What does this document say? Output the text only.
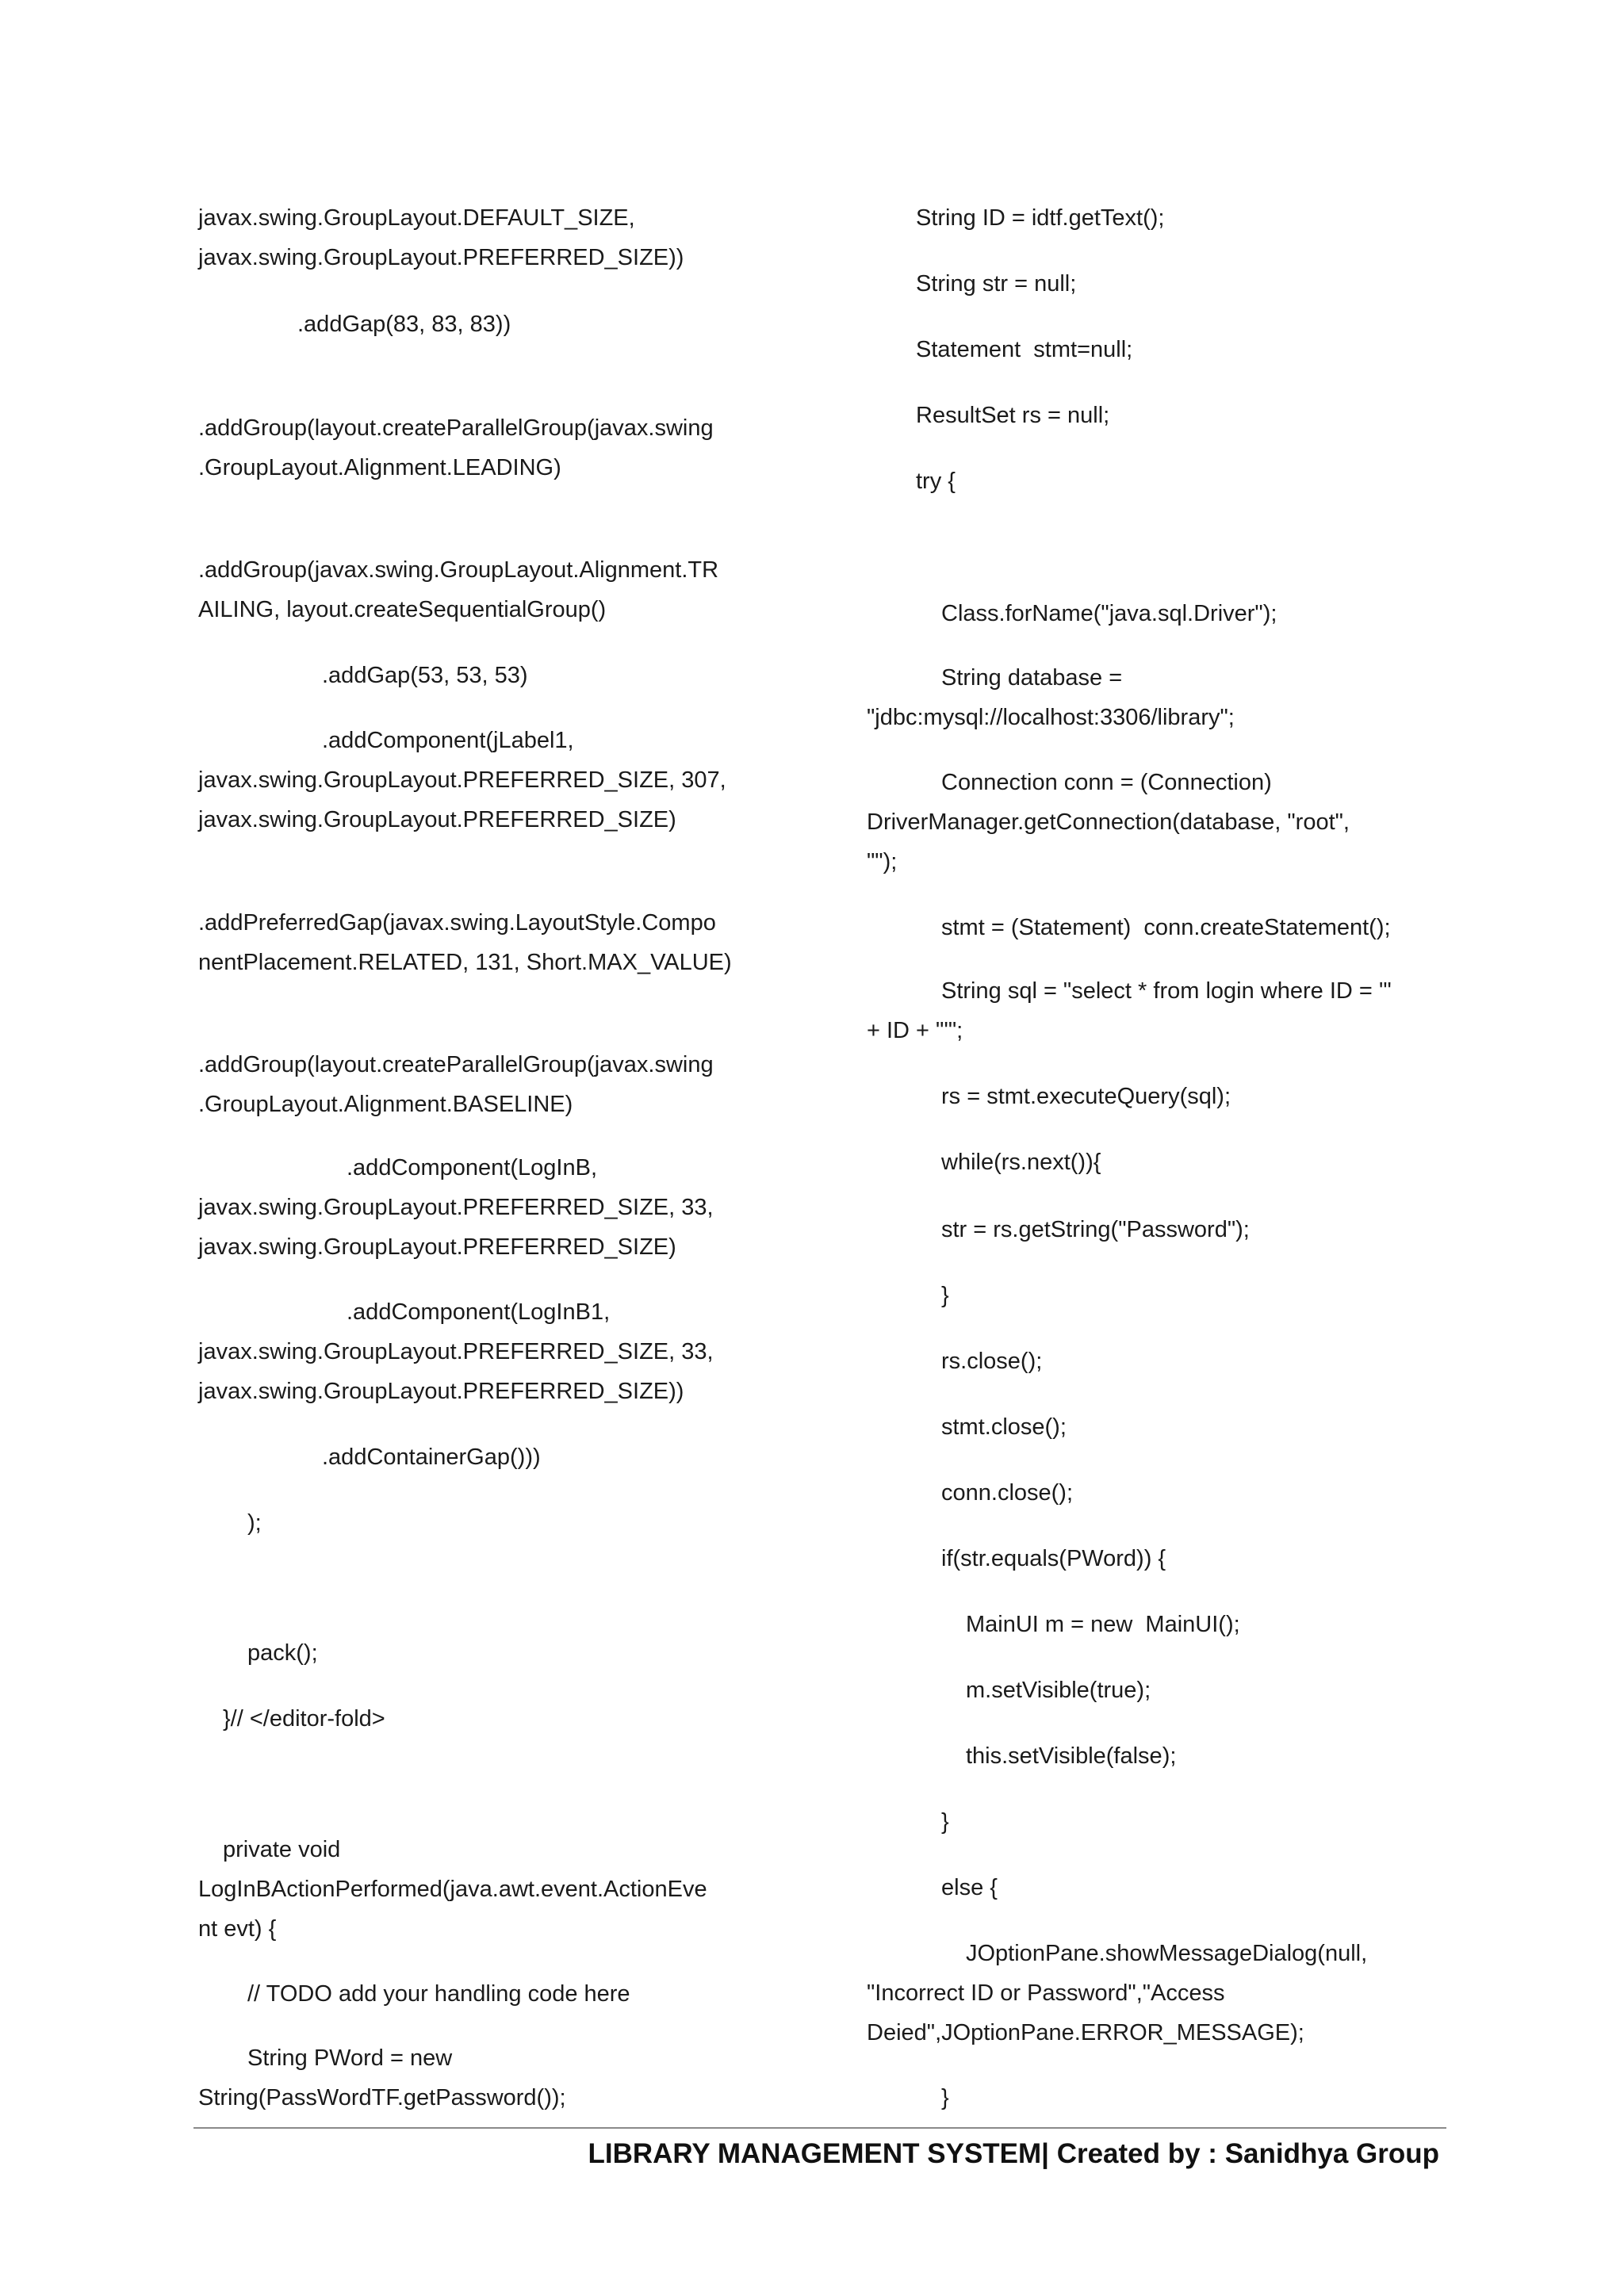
javax.swing.GroupLayout.DEFAULT_SIZE,
javax.swing.GroupLayout.PREFERRED_SIZE))
.addGap(83, 83, 83))
.addGroup(layout.createParallelGroup(javax.swing
.GroupLayout.Alignment.LEADING)
.addGroup(javax.swing.GroupLayout.Alignment.TR
AILING, layout.createSequentialGroup()
.addGap(53, 53, 53)
.addComponent(jLabel1,
javax.swing.GroupLayout.PREFERRED_SIZE, 307,
javax.swing.GroupLayout.PREFERRED_SIZE)
.addPreferredGap(javax.swing.LayoutStyle.Compo
nentPlacement.RELATED, 131, Short.MAX_VALUE)
.addGroup(layout.createParallelGroup(javax.swing
.GroupLayout.Alignment.BASELINE)
.addComponent(LogInB,
javax.swing.GroupLayout.PREFERRED_SIZE, 33,
javax.swing.GroupLayout.PREFERRED_SIZE)
.addComponent(LogInB1,
javax.swing.GroupLayout.PREFERRED_SIZE, 33,
javax.swing.GroupLayout.PREFERRED_SIZE))
.addContainerGap()))
);
pack();
}// </editor-fold>
private void
LogInBActionPerformed(java.awt.event.ActionEve
nt evt) {
// TODO add your handling code here
String PWord = new
String(PassWordTF.getPassword());
String ID = idtf.getText();
String str = null;
Statement  stmt=null;
ResultSet rs = null;
try {
Class.forName("java.sql.Driver");
String database =
"jdbc:mysql://localhost:3306/library";
Connection conn = (Connection)
DriverManager.getConnection(database, "root",
"");
stmt = (Statement)  conn.createStatement();
String sql = "select * from login where ID = '"
+ ID + "'";
rs = stmt.executeQuery(sql);
while(rs.next()){
str = rs.getString("Password");
}
rs.close();
stmt.close();
conn.close();
if(str.equals(PWord)) {
MainUI m = new  MainUI();
m.setVisible(true);
this.setVisible(false);
}
else {
JOptionPane.showMessageDialog(null,
"Incorrect ID or Password","Access
Deied",JOptionPane.ERROR_MESSAGE);
}
LIBRARY MANAGEMENT SYSTEM| Created by : Sanidhya Group
